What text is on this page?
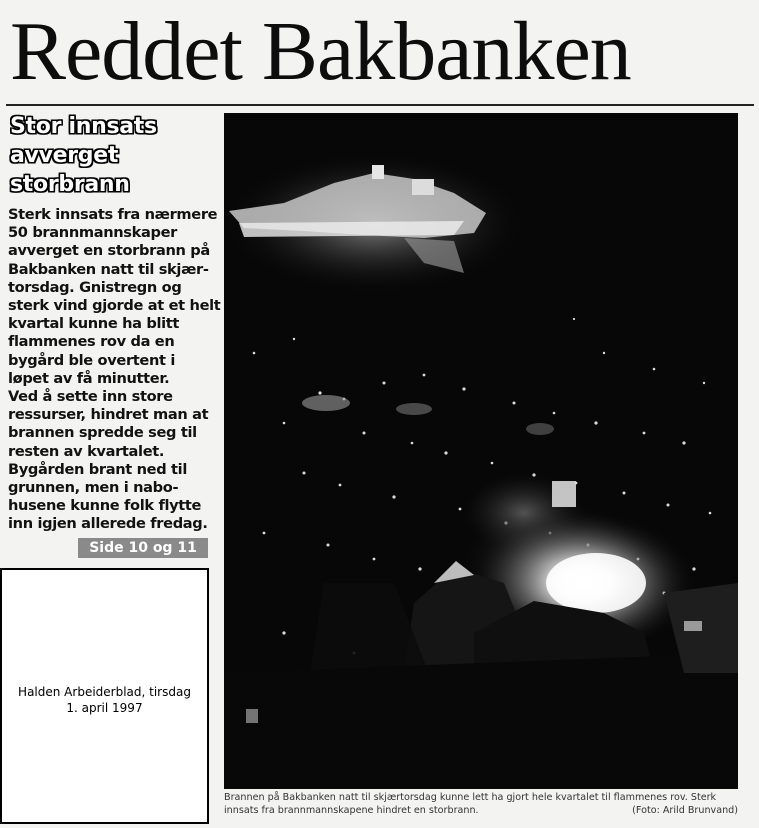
Reddet Bakbanken
Stor innsats
avverget
storbrann
Sterk innsats fra nærmere
50 brannmannskaper
avverget en storbrann på
Bakbanken natt til skjær-
torsdag. Gnistregn og
sterk vind gjorde at et helt
kvartal kunne ha blitt
flammenes rov da en
bygård ble overtent i
løpet av få minutter.
Ved å sette inn store
ressurser, hindret man at
brannen spredde seg til
resten av kvartalet.
Bygården brant ned til
grunnen, men i nabo-
husene kunne folk flytte
inn igjen allerede fredag.
Side 10 og 11
Halden Arbeiderblad, tirsdag
1. april 1997
Brannen på Bakbanken natt til skjærtorsdag kunne lett ha gjort hele kvartalet til flammenes rov. Sterk
innsats fra brannmannskapene hindret en storbrann.	(Foto: Arild Brunvand)
